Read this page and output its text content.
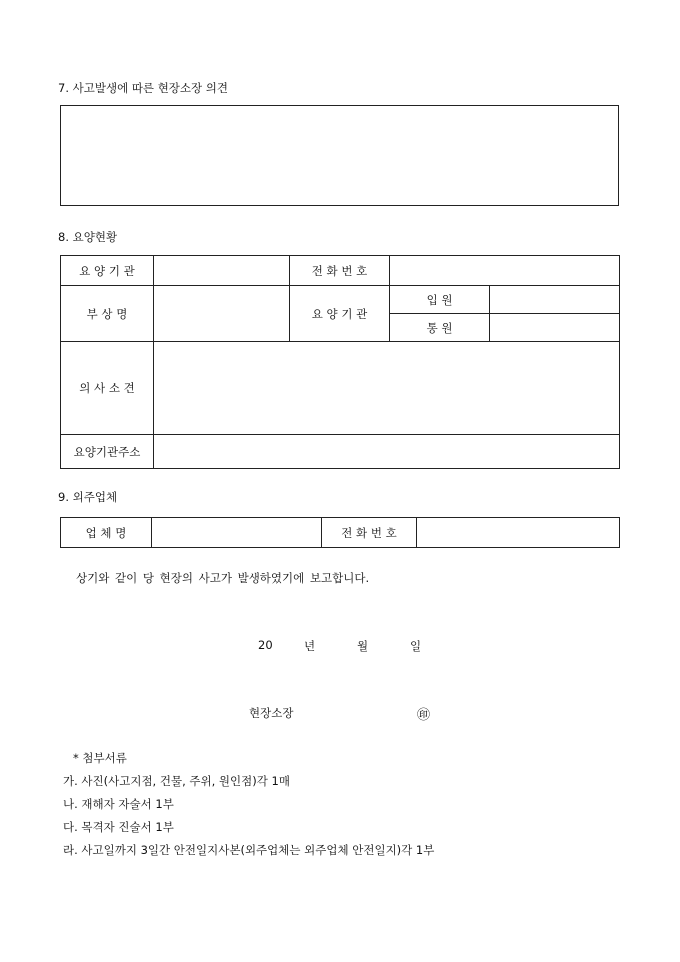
7. 사고발생에 따른 현장소장 의견
8. 요양현황
요 양 기 관		전 화 번 호		
부 상 명		요 양 기 관	입 원	
			통 원	
의 사 소 견				
요양기관주소				
9. 외주업체
업 체 명		전 화 번 호	
상기와 같이 당 현장의 사고가 발생하였기에 보고합니다.
20	년	월	일
현장소장	㊞
* 첨부서류
가. 사진(사고지점, 건물, 주위, 원인점)각 1매
나. 재해자 자술서 1부
다. 목격자 진술서 1부
라. 사고일까지 3일간 안전일지사본(외주업체는 외주업체 안전일지)각 1부
